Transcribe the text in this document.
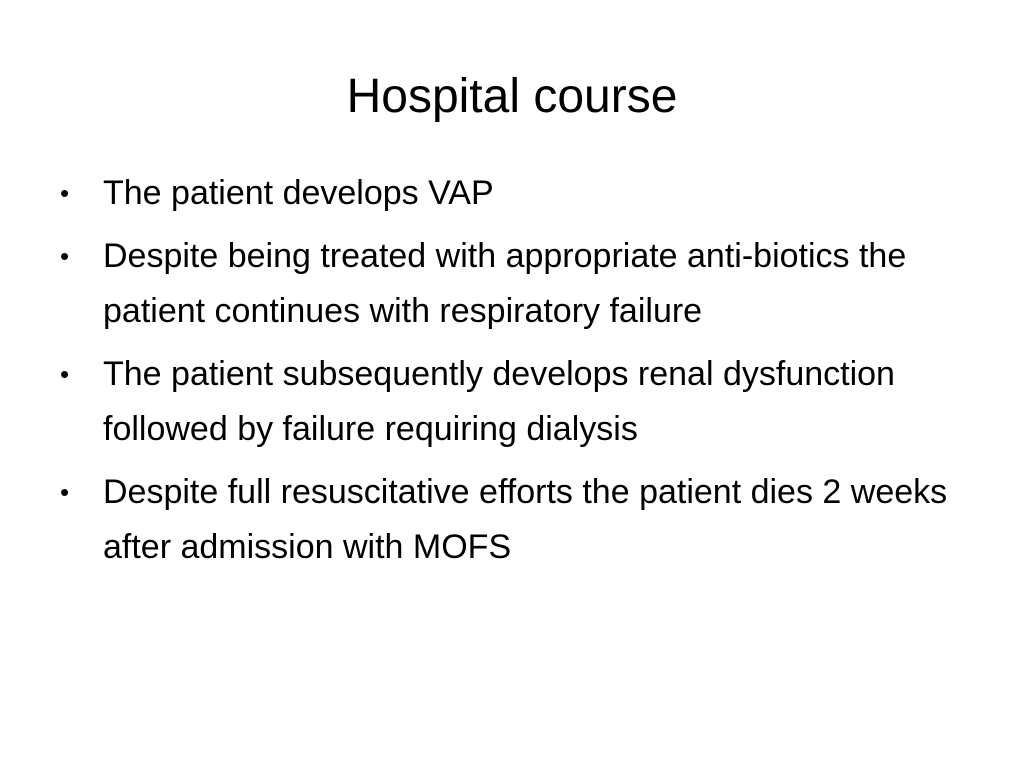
Hospital course
• The patient develops VAP
• Despite being treated with appropriate anti-biotics the patient continues with respiratory failure
• The patient subsequently develops renal dysfunction followed by failure requiring dialysis
• Despite full resuscitative efforts the patient dies 2 weeks after admission with MOFS
